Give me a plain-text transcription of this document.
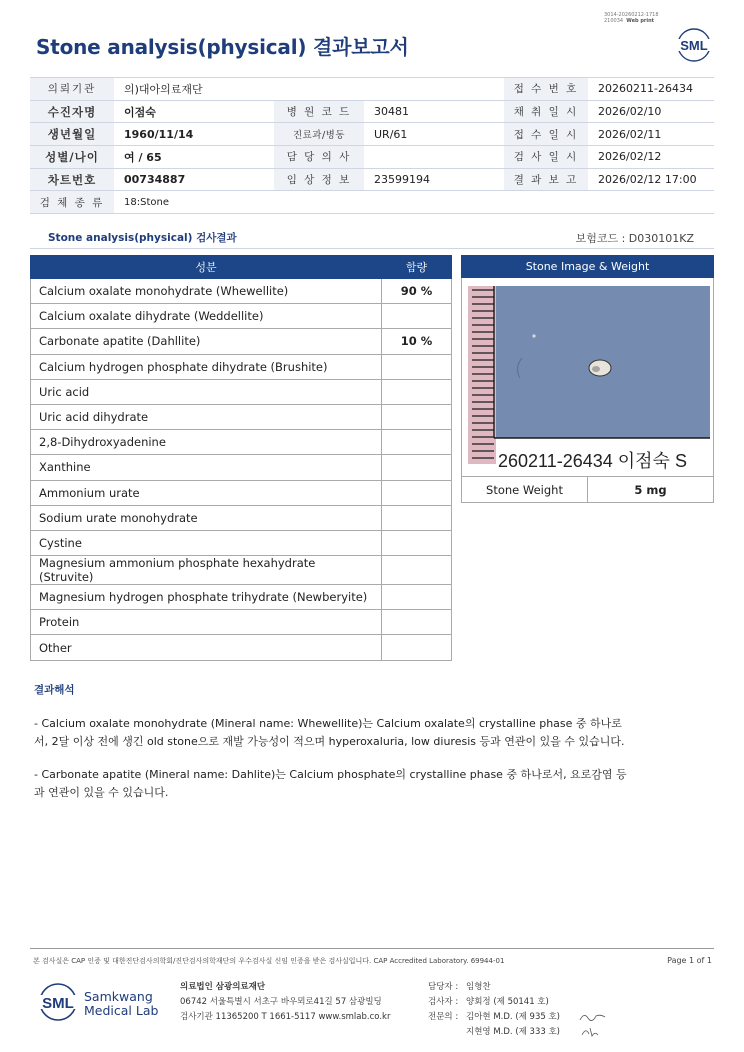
3014-20260212-1718
210034 Web print
Stone analysis(physical) 결과보고서	SML
의뢰기관	의)대아의료재단			접 수 번 호	20260211-26434
수진자명	이점숙	병 원 코 드	30481	채 취 일 시	2026/02/10
생년월일	1960/11/14	진료과/병동	UR/61	접 수 일 시	2026/02/11
성별/나이	여 / 65	담 당 의 사		검 사 일 시	2026/02/12
차트번호	00734887	임 상 정 보	23599194	결 과 보 고	2026/02/12 17:00
검 체 종 류	18:Stone				
Stone analysis(physical) 검사결과	보험코드 : D030101KZ
성분	함량
Calcium oxalate monohydrate (Whewellite)	90 %
Calcium oxalate dihydrate (Weddellite)	
Carbonate apatite (Dahllite)	10 %
Calcium hydrogen phosphate dihydrate (Brushite)	
Uric acid	
Uric acid dihydrate	
2,8-Dihydroxyadenine	
Xanthine	
Ammonium urate	
Sodium urate monohydrate	
Cystine	
Magnesium ammonium phosphate hexahydrate (Struvite)	
Magnesium hydrogen phosphate trihydrate (Newberyite)	
Protein	
Other	
Stone Image & Weight
260211-26434 이점숙 S
Stone Weight	5 mg
결과해석

- Calcium oxalate monohydrate (Mineral name: Whewellite)는 Calcium oxalate의 crystalline phase 중 하나로서, 2달 이상 전에 생긴 old stone으로 재발 가능성이 적으며 hyperoxaluria, low diuresis 등과 연관이 있을 수 있습니다.

- Carbonate apatite (Mineral name: Dahlite)는 Calcium phosphate의 crystalline phase 중 하나로서, 요로감염 등과 연관이 있을 수 있습니다.

본 검사실은 CAP 인증 및 대한진단검사의학회/진단검사의학재단의 우수검사실 신임 인증을 받은 검사실입니다. CAP Accredited Laboratory. 69944-01	Page 1 of 1
SML Samkwang
Medical Lab
의료법인 삼광의료재단
06742 서울특별시 서초구 바우뫼로41길 57 삼광빌딩
검사기관 11365200 T 1661-5117 www.smlab.co.kr
담당자 : 임형찬
검사자 : 양회정 (제 50141 호)
전문의 : 김아현 M.D. (제 935 호)
지현영 M.D. (제 333 호)
